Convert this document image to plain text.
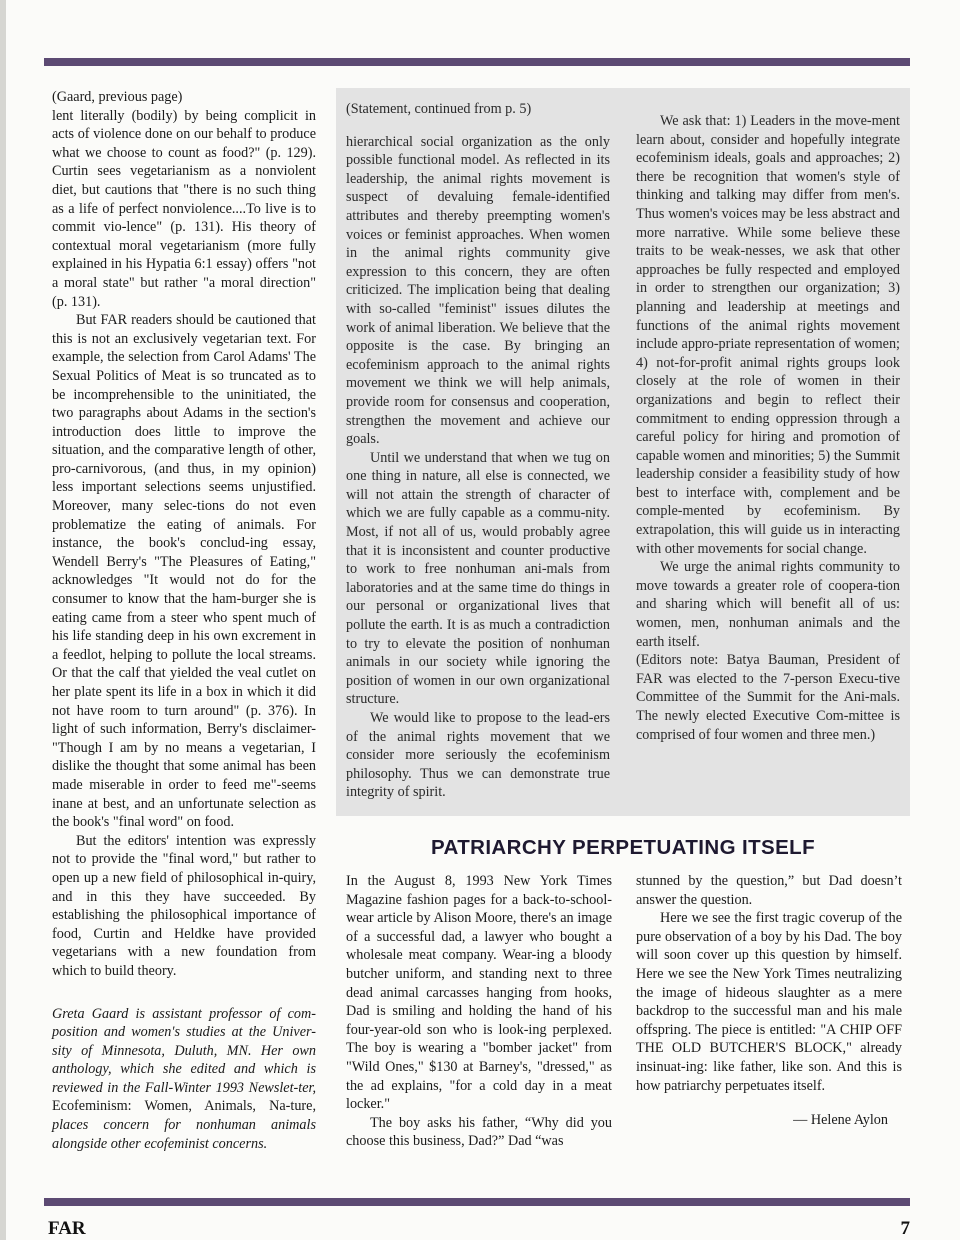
(Gaard, previous page)

lent literally (bodily) by being complicit in acts of violence done on our behalf to produce what we choose to count as food?" (p. 129). Curtin sees vegetarianism as a nonviolent diet, but cautions that "there is no such thing as a life of perfect nonviolence....To live is to commit vio-lence" (p. 131). His theory of contextual moral vegetarianism (more fully explained in his Hypatia 6:1 essay) offers "not a moral state" but rather "a moral direction" (p. 131).

But FAR readers should be cautioned that this is not an exclusively vegetarian text. For example, the selection from Carol Adams' The Sexual Politics of Meat is so truncated as to be incomprehensible to the uninitiated, the two paragraphs about Adams in the section's introduction does little to improve the situation, and the comparative length of other, pro-carnivorous, (and thus, in my opinion) less important selections seems unjustified. Moreover, many selec-tions do not even problematize the eating of animals. For instance, the book's conclud-ing essay, Wendell Berry's "The Pleasures of Eating," acknowledges "It would not do for the consumer to know that the ham-burger she is eating came from a steer who spent much of his life standing deep in his own excrement in a feedlot, helping to pollute the local streams. Or that the calf that yielded the veal cutlet on her plate spent its life in a box in which it did not have room to turn around" (p. 376). In light of such information, Berry's disclaimer-"Though I am by no means a vegetarian, I dislike the thought that some animal has been made miserable in order to feed me"-seems inane at best, and an unfortunate selection as the book's "final word" on food.

But the editors' intention was expressly not to provide the "final word," but rather to open up a new field of philosophical in-quiry, and in this they have succeeded. By establishing the philosophical importance of food, Curtin and Heldke have provided vegetarians with a new foundation from which to build theory.

Greta Gaard is assistant professor of com-position and women's studies at the Univer-sity of Minnesota, Duluth, MN. Her own anthology, which she edited and which is reviewed in the Fall-Winter 1993 Newslet-ter, Ecofeminism: Women, Animals, Na-ture, places concern for nonhuman animals alongside other ecofeminist concerns.

(Statement, continued from p. 5)

hierarchical social organization as the only possible functional model. As reflected in its leadership, the animal rights movement is suspect of devaluing female-identified attributes and thereby preempting women's voices or feminist approaches. When women in the animal rights community give expression to this concern, they are often criticized. The implication being that dealing with so-called "feminist" issues dilutes the work of animal liberation. We believe that the opposite is the case. By bringing an ecofeminism approach to the animal rights movement we think we will help animals, provide room for consensus and cooperation, strengthen the movement and achieve our goals.

Until we understand that when we tug on one thing in nature, all else is connected, we will not attain the strength of character of which we are fully capable as a commu-nity. Most, if not all of us, would probably agree that it is inconsistent and counter productive to work to free nonhuman ani-mals from laboratories and at the same time do things in our personal or organizational lives that pollute the earth. It is as much a contradiction to try to elevate the position of nonhuman animals in our society while ignoring the position of women in our own organizational structure.

We would like to propose to the lead-ers of the animal rights movement that we consider more seriously the ecofeminism philosophy. Thus we can demonstrate true integrity of spirit.

We ask that: 1) Leaders in the move-ment learn about, consider and hopefully integrate ecofeminism ideals, goals and approaches; 2) there be recognition that women's style of thinking and talking may differ from men's. Thus women's voices may be less abstract and more narrative. While some believe these traits to be weak-nesses, we ask that other approaches be fully respected and employed in order to strengthen our organization; 3) planning and leadership at meetings and functions of the animal rights movement include appro-priate representation of women; 4) not-for-profit animal rights groups look closely at the role of women in their organizations and begin to reflect their commitment to ending oppression through a careful policy for hiring and promotion of capable women and minorities; 5) the Summit leadership consider a feasibility study of how best to interface with, complement and be comple-mented by ecofeminism. By extrapolation, this will guide us in interacting with other movements for social change.

We urge the animal rights community to move towards a greater role of coopera-tion and sharing which will benefit all of us: women, men, nonhuman animals and the earth itself.

(Editors note: Batya Bauman, President of FAR was elected to the 7-person Execu-tive Committee of the Summit for the Ani-mals. The newly elected Executive Com-mittee is comprised of four women and three men.)

PATRIARCHY PERPETUATING ITSELF

In the August 8, 1993 New York Times Magazine fashion pages for a back-to-school-wear article by Alison Moore, there's an image of a successful dad, a lawyer who bought a wholesale meat company. Wear-ing a bloody butcher uniform, and standing next to three dead animal carcasses hanging from hooks, Dad is smiling and holding the hand of his four-year-old son who is look-ing perplexed. The boy is wearing a "bomber jacket" from "Wild Ones," $130 at Barney's, "dressed," as the ad explains, "for a cold day in a meat locker."

The boy asks his father, “Why did you choose this business, Dad?” Dad “was

stunned by the question,” but Dad doesn’t answer the question.

Here we see the first tragic coverup of the pure observation of a boy by his Dad. The boy will soon cover up this question by himself. Here we see the New York Times neutralizing the image of hideous slaughter as a mere backdrop to the successful man and his male offspring. The piece is entitled: "A CHIP OFF THE OLD BUTCHER'S BLOCK," already insinuat-ing: like father, like son. And this is how patriarchy perpetuates itself.

— Helene Aylon

FAR	7
